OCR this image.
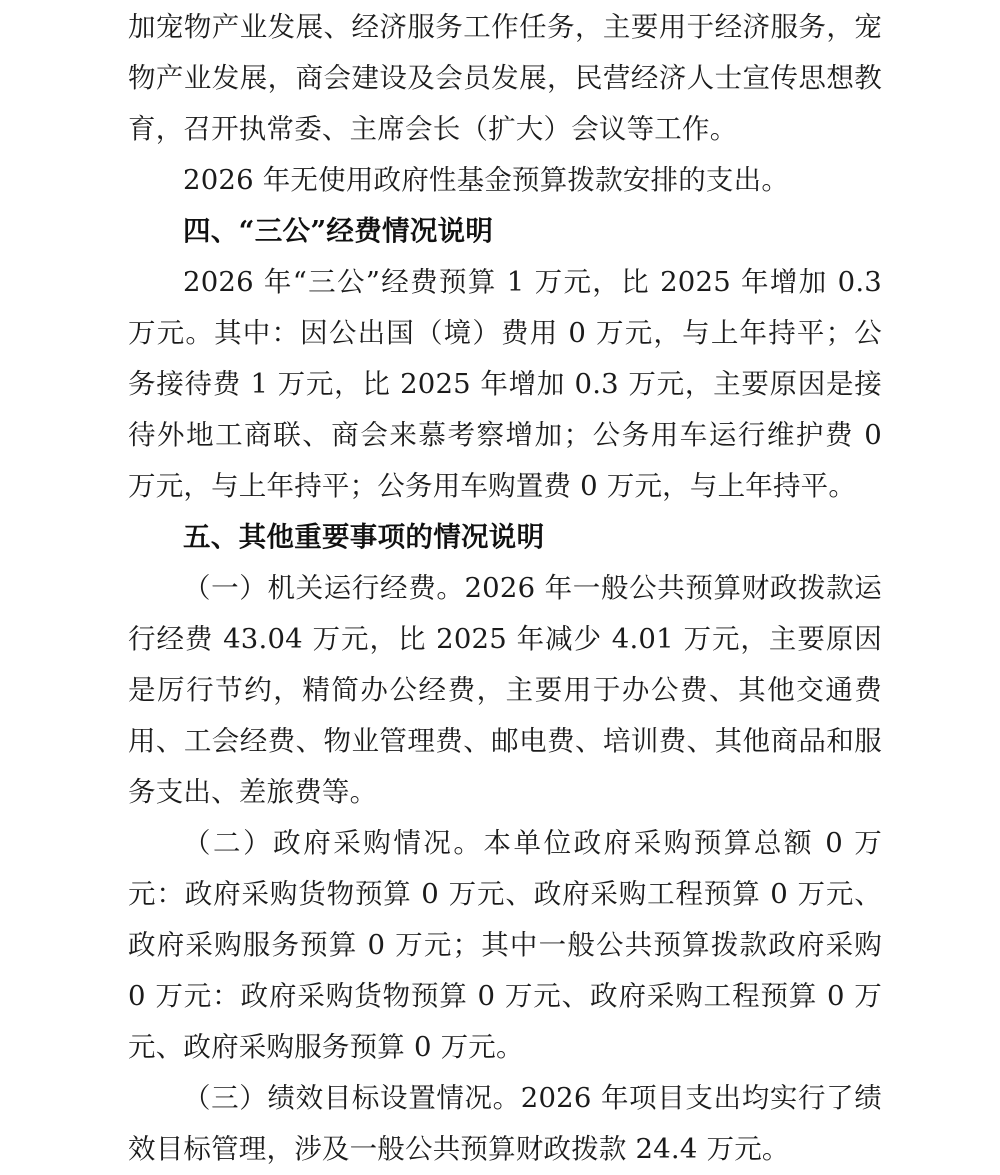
加宠物产业发展、经济服务工作任务，主要用于经济服务，宠物产业发展，商会建设及会员发展，民营经济人士宣传思想教育，召开执常委、主席会长（扩大）会议等工作。

2026 年无使用政府性基金预算拨款安排的支出。

四、“三公”经费情况说明

2026 年“三公”经费预算 1 万元，比 2025 年增加 0.3 万元。其中：因公出国（境）费用 0 万元，与上年持平；公务接待费 1 万元，比 2025 年增加 0.3 万元，主要原因是接待外地工商联、商会来慕考察增加；公务用车运行维护费 0 万元，与上年持平；公务用车购置费 0 万元，与上年持平。

五、其他重要事项的情况说明

（一）机关运行经费。2026 年一般公共预算财政拨款运行经费 43.04 万元，比 2025 年减少 4.01 万元，主要原因是厉行节约，精简办公经费，主要用于办公费、其他交通费用、工会经费、物业管理费、邮电费、培训费、其他商品和服务支出、差旅费等。

（二）政府采购情况。本单位政府采购预算总额 0 万元：政府采购货物预算 0 万元、政府采购工程预算 0 万元、政府采购服务预算 0 万元；其中一般公共预算拨款政府采购 0 万元：政府采购货物预算 0 万元、政府采购工程预算 0 万元、政府采购服务预算 0 万元。

（三）绩效目标设置情况。2026 年项目支出均实行了绩效目标管理，涉及一般公共预算财政拨款 24.4 万元。
